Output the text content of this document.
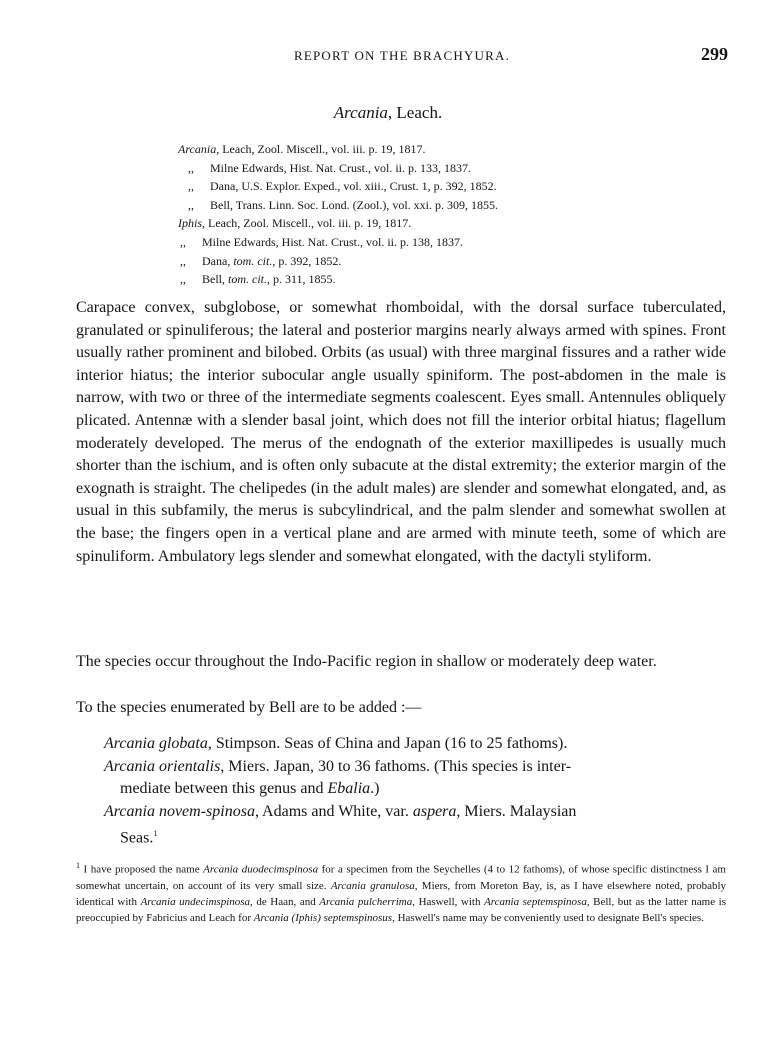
REPORT ON THE BRACHYURA.	299
Arcania, Leach.
Arcania, Leach, Zool. Miscell., vol. iii. p. 19, 1817.
,, Milne Edwards, Hist. Nat. Crust., vol. ii. p. 133, 1837.
,, Dana, U.S. Explor. Exped., vol. xiii., Crust. 1, p. 392, 1852.
,, Bell, Trans. Linn. Soc. Lond. (Zool.), vol. xxi. p. 309, 1855.
Iphis, Leach, Zool. Miscell., vol. iii. p. 19, 1817.
,, Milne Edwards, Hist. Nat. Crust., vol. ii. p. 138, 1837.
,, Dana, tom. cit., p. 392, 1852.
,, Bell, tom. cit., p. 311, 1855.
Carapace convex, subglobose, or somewhat rhomboidal, with the dorsal surface tuberculated, granulated or spinuliferous; the lateral and posterior margins nearly always armed with spines. Front usually rather prominent and bilobed. Orbits (as usual) with three marginal fissures and a rather wide interior hiatus; the interior subocular angle usually spiniform. The post-abdomen in the male is narrow, with two or three of the intermediate segments coalescent. Eyes small. Antennules obliquely plicated. Antennæ with a slender basal joint, which does not fill the interior orbital hiatus; flagellum moderately developed. The merus of the endognath of the exterior maxillipedes is usually much shorter than the ischium, and is often only subacute at the distal extremity; the exterior margin of the exognath is straight. The chelipedes (in the adult males) are slender and somewhat elongated, and, as usual in this subfamily, the merus is subcylindrical, and the palm slender and somewhat swollen at the base; the fingers open in a vertical plane and are armed with minute teeth, some of which are spinuliform. Ambulatory legs slender and somewhat elongated, with the dactyli styliform.
The species occur throughout the Indo-Pacific region in shallow or moderately deep water.
To the species enumerated by Bell are to be added :—
Arcania globata, Stimpson. Seas of China and Japan (16 to 25 fathoms).
Arcania orientalis, Miers. Japan, 30 to 36 fathoms. (This species is inter-
mediate between this genus and Ebalia.)
Arcania novem-spinosa, Adams and White, var. aspera, Miers. Malaysian
Seas.$^1$
$^1$ I have proposed the name Arcania duodecimspinosa for a specimen from the Seychelles (4 to 12 fathoms), of whose specific distinctness I am somewhat uncertain, on account of its very small size. Arcania granulosa, Miers, from Moreton Bay, is, as I have elsewhere noted, probably identical with Arcania undecimspinosa, de Haan, and Arcania pulcherrima, Haswell, with Arcania septemspinosa, Bell, but as the latter name is preoccupied by Fabricius and Leach for Arcania (Iphis) septemspinosus, Haswell's name may be conveniently used to designate Bell's species.
